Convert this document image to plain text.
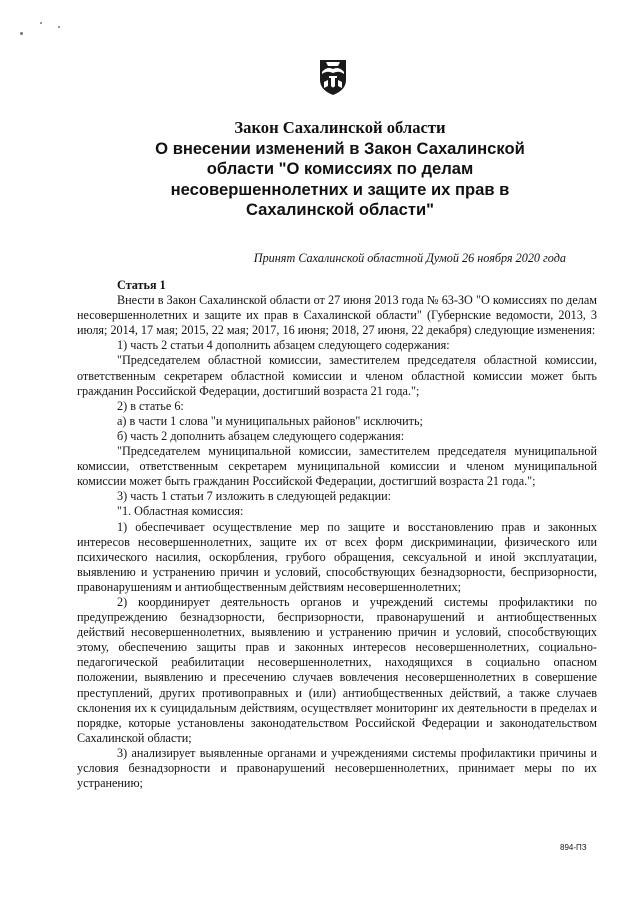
Закон Сахалинской области
О внесении изменений в Закон Сахалинской
области "О комиссиях по делам
несовершеннолетних и защите их прав в
Сахалинской области"
Принят Сахалинской областной Думой 26 ноября 2020 года

Статья 1

Внести в Закон Сахалинской области от 27 июня 2013 года № 63-ЗО "О комиссиях по делам несовершеннолетних и защите их прав в Сахалинской области" (Губернские ведомости, 2013, 3 июля; 2014, 17 мая; 2015, 22 мая; 2017, 16 июня; 2018, 27 июня, 22 декабря) следующие изменения:

1) часть 2 статьи 4 дополнить абзацем следующего содержания:

"Председателем областной комиссии, заместителем председателя областной комиссии, ответственным секретарем областной комиссии и членом областной комиссии может быть гражданин Российской Федерации, достигший возраста 21 года.";

2) в статье 6:

а) в части 1 слова "и муниципальных районов" исключить;

б) часть 2 дополнить абзацем следующего содержания:

"Председателем муниципальной комиссии, заместителем председателя муниципальной комиссии, ответственным секретарем муниципальной комиссии и членом муниципальной комиссии может быть гражданин Российской Федерации, достигший возраста 21 года.";

3) часть 1 статьи 7 изложить в следующей редакции:

"1. Областная комиссия:

1) обеспечивает осуществление мер по защите и восстановлению прав и законных интересов несовершеннолетних, защите их от всех форм дискриминации, физического или психического насилия, оскорбления, грубого обращения, сексуальной и иной эксплуатации, выявлению и устранению причин и условий, способствующих безнадзорности, беспризорности, правонарушениям и антиобщественным действиям несовершеннолетних;

2) координирует деятельность органов и учреждений системы профилактики по предупреждению безнадзорности, беспризорности, правонарушений и антиобщественных действий несовершеннолетних, выявлению и устранению причин и условий, способствующих этому, обеспечению защиты прав и законных интересов несовершеннолетних, социально-педагогической реабилитации несовершеннолетних, находящихся в социально опасном положении, выявлению и пресечению случаев вовлечения несовершеннолетних в совершение преступлений, других противоправных и (или) антиобщественных действий, а также случаев склонения их к суицидальным действиям, осуществляет мониторинг их деятельности в пределах и порядке, которые установлены законодательством Российской Федерации и законодательством Сахалинской области;

3) анализирует выявленные органами и учреждениями системы профилактики причины и условия безнадзорности и правонарушений несовершеннолетних, принимает меры по их устранению;

894-ПЗ
